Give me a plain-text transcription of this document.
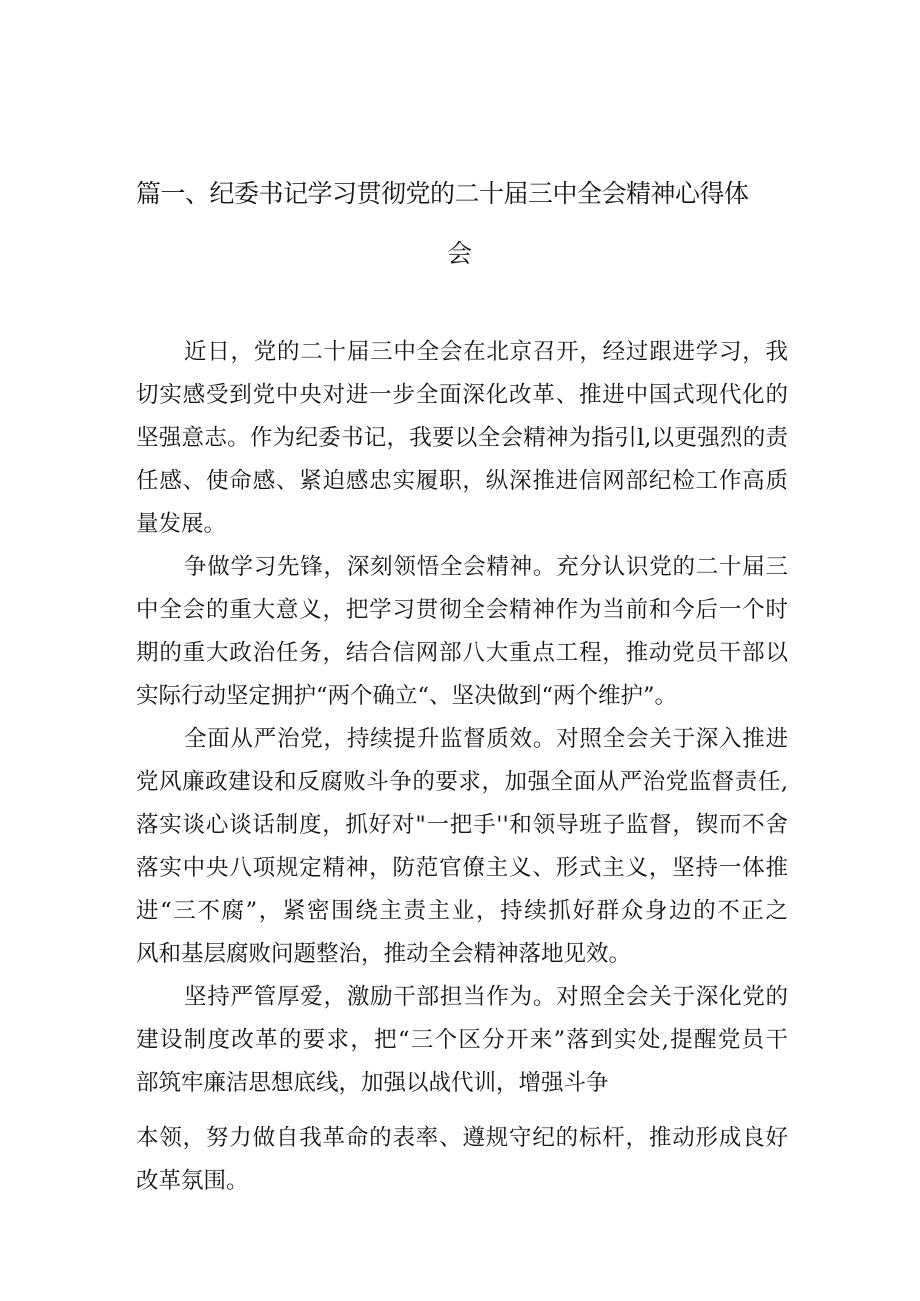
篇一、纪委书记学习贯彻党的二十届三中全会精神心得体
会
近日，党的二十届三中全会在北京召开，经过跟进学习，我
切实感受到党中央对进一步全面深化改革、推进中国式现代化的
坚强意志。作为纪委书记，我要以全会精神为指引l,以更强烈的责
任感、使命感、紧迫感忠实履职，纵深推进信网部纪检工作高质
量发展。
争做学习先锋，深刻领悟全会精神。充分认识党的二十届三
中全会的重大意义，把学习贯彻全会精神作为当前和今后一个时
期的重大政治任务，结合信网部八大重点工程，推动党员干部以
实际行动坚定拥护“两个确立“、坚决做到“两个维护”。
全面从严治党，持续提升监督质效。对照全会关于深入推进
党风廉政建设和反腐败斗争的要求，加强全面从严治党监督责任,
落实谈心谈话制度，抓好对"一把手''和领导班子监督，锲而不舍
落实中央八项规定精神，防范官僚主义、形式主义，坚持一体推
进“三不腐”，紧密围绕主责主业，持续抓好群众身边的不正之
风和基层腐败问题整治，推动全会精神落地见效。
坚持严管厚爱，激励干部担当作为。对照全会关于深化党的
建设制度改革的要求，把“三个区分开来”落到实处,提醒党员干
部筑牢廉洁思想底线，加强以战代训，增强斗争
本领，努力做自我革命的表率、遵规守纪的标杆，推动形成良好
改革氛围。
